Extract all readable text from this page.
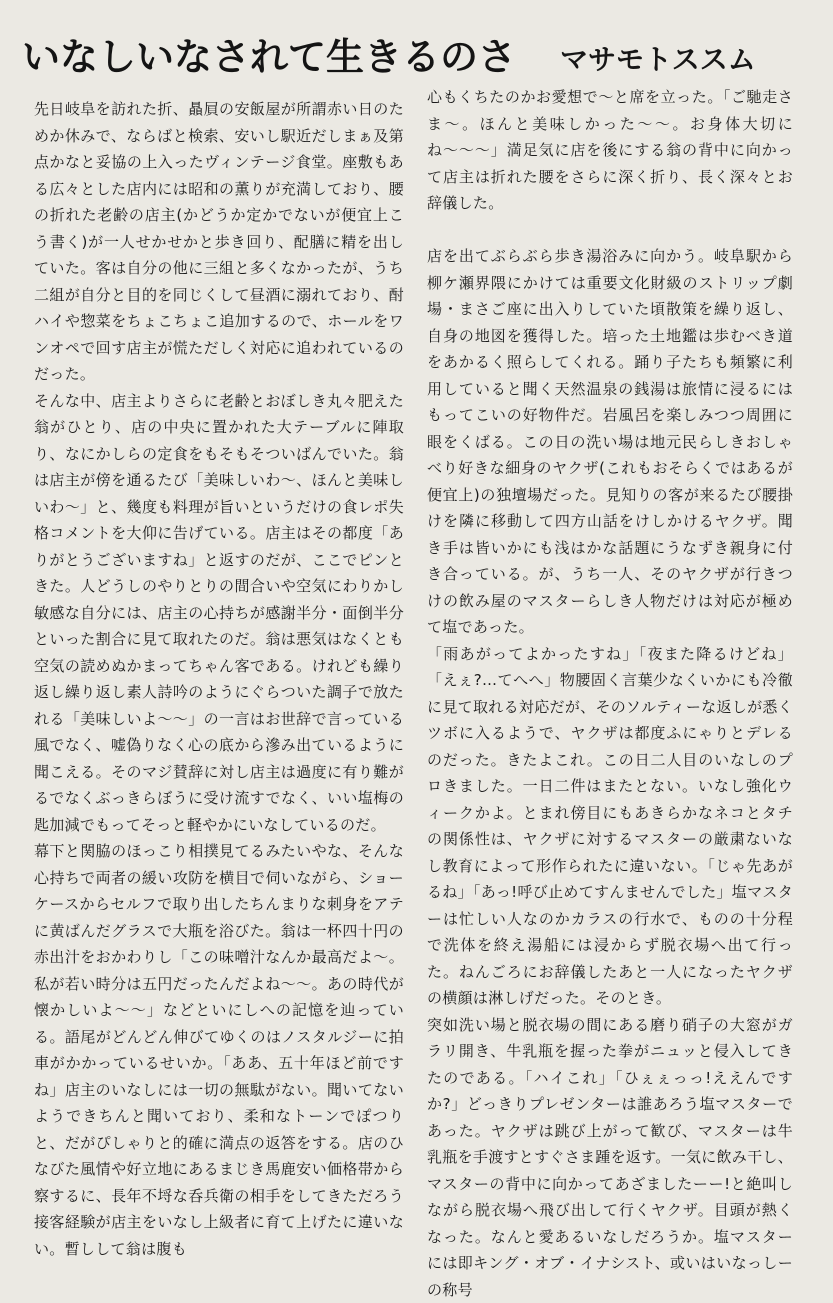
いなしいなされて生きるのさ	マサモトススム

先日岐阜を訪れた折、贔屓の安飯屋が所謂赤い日のためか休みで、ならばと検索、安いし駅近だしまぁ及第点かなと妥協の上入ったヴィンテージ食堂。座敷もある広々とした店内には昭和の薫りが充満しており、腰の折れた老齢の店主(かどうか定かでないが便宜上こう書く)が一人せかせかと歩き回り、配膳に精を出していた。客は自分の他に三組と多くなかったが、うち二組が自分と目的を同じくして昼酒に溺れており、酎ハイや惣菜をちょこちょこ追加するので、ホールをワンオペで回す店主が慌ただしく対応に追われているのだった。

そんな中、店主よりさらに老齢とおぼしき丸々肥えた翁がひとり、店の中央に置かれた大テーブルに陣取り、なにかしらの定食をもそもそついばんでいた。翁は店主が傍を通るたび「美味しいわ〜、ほんと美味しいわ〜」と、幾度も料理が旨いというだけの食レポ失格コメントを大仰に告げている。店主はその都度「ありがとうございますね」と返すのだが、ここでピンときた。人どうしのやりとりの間合いや空気にわりかし敏感な自分には、店主の心持ちが感謝半分・面倒半分といった割合に見て取れたのだ。翁は悪気はなくとも空気の読めぬかまってちゃん客である。けれども繰り返し繰り返し素人詩吟のようにぐらついた調子で放たれる「美味しいよ〜〜」の一言はお世辞で言っている風でなく、嘘偽りなく心の底から滲み出ているように聞こえる。そのマジ賛辞に対し店主は過度に有り難がるでなくぶっきらぼうに受け流すでなく、いい塩梅の匙加減でもってそっと軽やかにいなしているのだ。

幕下と関脇のほっこり相撲見てるみたいやな、そんな心持ちで両者の緩い攻防を横目で伺いながら、ショーケースからセルフで取り出したちんまりな刺身をアテに黄ばんだグラスで大瓶を浴びた。翁は一杯四十円の赤出汁をおかわりし「この味噌汁なんか最高だよ〜。私が若い時分は五円だったんだよね〜〜。あの時代が懐かしいよ〜〜」などといにしへの記憶を辿っている。語尾がどんどん伸びてゆくのはノスタルジーに拍車がかかっているせいか。「ああ、五十年ほど前ですね」店主のいなしには一切の無駄がない。聞いてないようできちんと聞いており、柔和なトーンでぽつりと、だがぴしゃりと的確に満点の返答をする。店のひなびた風情や好立地にあるまじき馬鹿安い価格帯から察するに、長年不埒な呑兵衛の相手をしてきただろう接客経験が店主をいなし上級者に育て上げたに違いない。暫しして翁は腹も

心もくちたのかお愛想で〜と席を立った。「ご馳走さま〜。ほんと美味しかった〜〜。お身体大切にね〜〜〜」満足気に店を後にする翁の背中に向かって店主は折れた腰をさらに深く折り、長く深々とお辞儀した。

店を出てぶらぶら歩き湯浴みに向かう。岐阜駅から柳ケ瀬界隈にかけては重要文化財級のストリップ劇場・まさご座に出入りしていた頃散策を繰り返し、自身の地図を獲得した。培った土地鑑は歩むべき道をあかるく照らしてくれる。踊り子たちも頻繁に利用していると聞く天然温泉の銭湯は旅情に浸るにはもってこいの好物件だ。岩風呂を楽しみつつ周囲に眼をくばる。この日の洗い場は地元民らしきおしゃべり好きな細身のヤクザ(これもおそらくではあるが便宜上)の独壇場だった。見知りの客が来るたび腰掛けを隣に移動して四方山話をけしかけるヤクザ。聞き手は皆いかにも浅はかな話題にうなずき親身に付き合っている。が、うち一人、そのヤクザが行きつけの飲み屋のマスターらしき人物だけは対応が極めて塩であった。

「雨あがってよかったすね」「夜また降るけどね」「えぇ?…てへへ」物腰固く言葉少なくいかにも冷徹に見て取れる対応だが、そのソルティーな返しが悉くツボに入るようで、ヤクザは都度ふにゃりとデレるのだった。きたよこれ。この日二人目のいなしのプロきました。一日二件はまたとない。いなし強化ウィークかよ。とまれ傍目にもあきらかなネコとタチの関係性は、ヤクザに対するマスターの厳粛ないなし教育によって形作られたに違いない。「じゃ先あがるね」「あっ!呼び止めてすんませんでした」塩マスターは忙しい人なのかカラスの行水で、ものの十分程で洗体を終え湯船には浸からず脱衣場へ出て行った。ねんごろにお辞儀したあと一人になったヤクザの横顔は淋しげだった。そのとき。

突如洗い場と脱衣場の間にある磨り硝子の大窓がガラリ開き、牛乳瓶を握った拳がニュッと侵入してきたのである。「ハイこれ」「ひぇぇっっ!ええんですか?」どっきりプレゼンターは誰あろう塩マスターであった。ヤクザは跳び上がって歓び、マスターは牛乳瓶を手渡すとすぐさま踵を返す。一気に飲み干し、マスターの背中に向かってあざましたーー!と絶叫しながら脱衣場へ飛び出して行くヤクザ。目頭が熱くなった。なんと愛あるいなしだろうか。塩マスターには即キング・オブ・イナシスト、或いはいなっしーの称号
